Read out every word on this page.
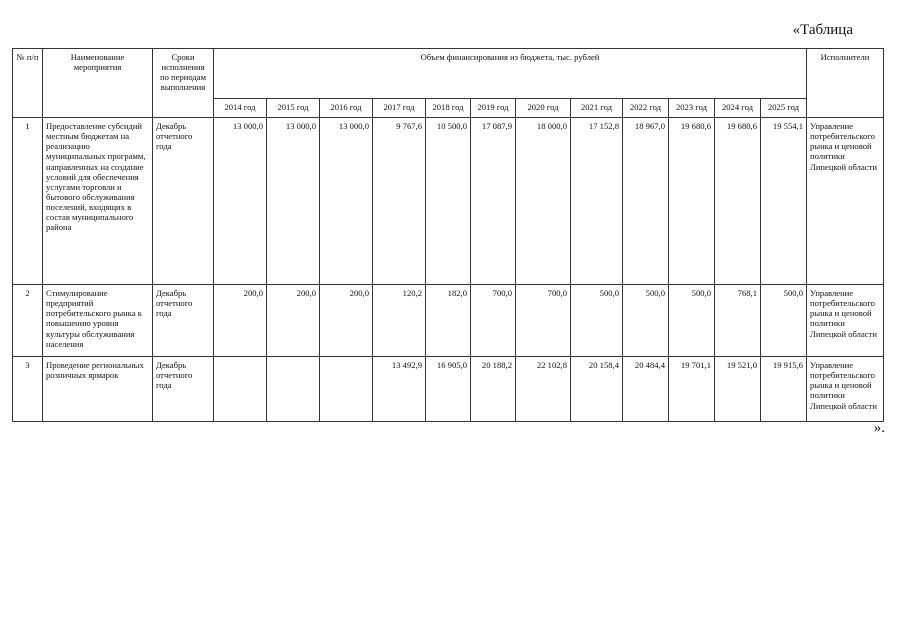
«Таблица
№ п/п	Наименование мероприятия	Сроки исполнения по периодам выполнения	Объем финансирования из бюджета, тыс. рублей												Исполнители
			2014 год	2015 год	2016 год	2017 год	2018 год	2019 год	2020 год	2021 год	2022 год	2023 год	2024 год	2025 год	
1	Предоставление субсидий местным бюджетам на реализацию муниципальных программ, направленных на создание условий для обеспечения услугами торговли и бытового обслуживания поселений, входящих в состав муниципального района	Декабрь отчетного года	13 000,0	13 000,0	13 000,0	9 767,6	10 500,0	17 087,9	18 000,0	17 152,8	18 967,0	19 680,6	19 680,6	19 554,1	Управление потребительского рынка и ценовой политики Липецкой области
2	Стимулирование предприятий потребительского рынка к повышению уровня культуры обслуживания населения	Декабрь отчетного года	200,0	200,0	200,0	120,2	182,0	700,0	700,0	500,0	500,0	500,0	768,1	500,0	Управление потребительского рынка и ценовой политики Липецкой области
3	Проведение региональных розничных ярмарок	Декабрь отчетного года				13 492,9	16 905,0	20 188,2	22 102,8	20 158,4	20 484,4	19 701,1	19 521,0	19 915,6	Управление потребительского рынка и ценовой политики Липецкой области
».
